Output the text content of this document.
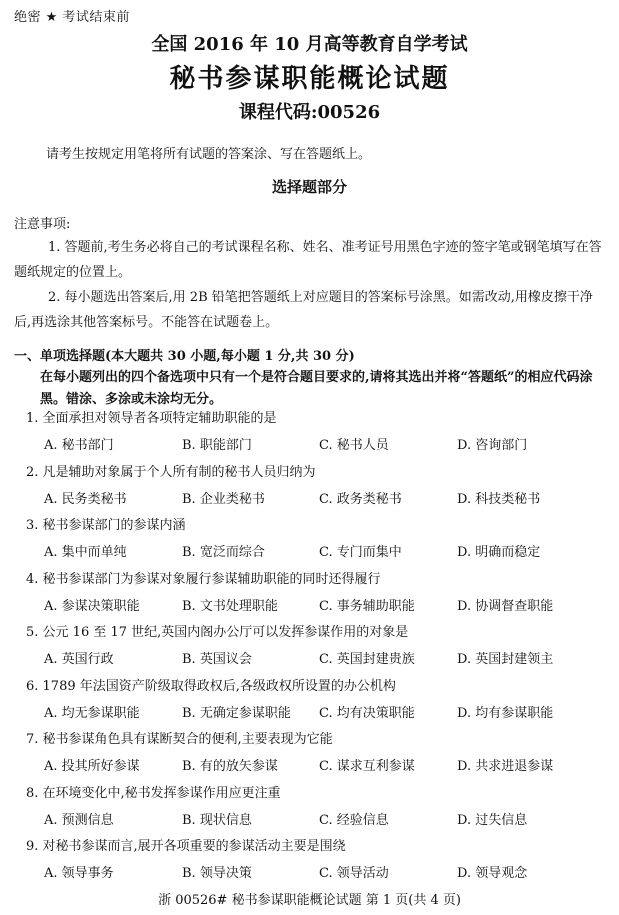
绝密 ★ 考试结束前
全国 2016 年 10 月高等教育自学考试
秘书参谋职能概论试题
课程代码:00526
请考生按规定用笔将所有试题的答案涂、写在答题纸上。
选择题部分
注意事项:
1. 答题前,考生务必将自己的考试课程名称、姓名、准考证号用黑色字迹的签字笔或钢笔填写在答题纸规定的位置上。
2. 每小题选出答案后,用 2B 铅笔把答题纸上对应题目的答案标号涂黑。如需改动,用橡皮擦干净后,再选涂其他答案标号。不能答在试题卷上。
一、单项选择题(本大题共 30 小题,每小题 1 分,共 30 分)
在每小题列出的四个备选项中只有一个是符合题目要求的,请将其选出并将“答题纸”的相应代码涂黑。错涂、多涂或未涂均无分。
1. 全面承担对领导者各项特定辅助职能的是
A. 秘书部门	B. 职能部门	C. 秘书人员	D. 咨询部门
2. 凡是辅助对象属于个人所有制的秘书人员归纳为
A. 民务类秘书	B. 企业类秘书	C. 政务类秘书	D. 科技类秘书
3. 秘书参谋部门的参谋内涵
A. 集中而单纯	B. 宽泛而综合	C. 专门而集中	D. 明确而稳定
4. 秘书参谋部门为参谋对象履行参谋辅助职能的同时还得履行
A. 参谋决策职能	B. 文书处理职能	C. 事务辅助职能	D. 协调督查职能
5. 公元 16 至 17 世纪,英国内阁办公厅可以发挥参谋作用的对象是
A. 英国行政	B. 英国议会	C. 英国封建贵族	D. 英国封建领主
6. 1789 年法国资产阶级取得政权后,各级政权所设置的办公机构
A. 均无参谋职能	B. 无确定参谋职能 C. 均有决策职能	D. 均有参谋职能
7. 秘书参谋角色具有谋断契合的便利,主要表现为它能
A. 投其所好参谋	B. 有的放矢参谋	C. 谋求互利参谋	D. 共求进退参谋
8. 在环境变化中,秘书发挥参谋作用应更注重
A. 预测信息	B. 现状信息	C. 经验信息	D. 过失信息
9. 对秘书参谋而言,展开各项重要的参谋活动主要是围绕
A. 领导事务	B. 领导决策	C. 领导活动	D. 领导观念
浙 00526# 秘书参谋职能概论试题 第 1 页(共 4 页)
